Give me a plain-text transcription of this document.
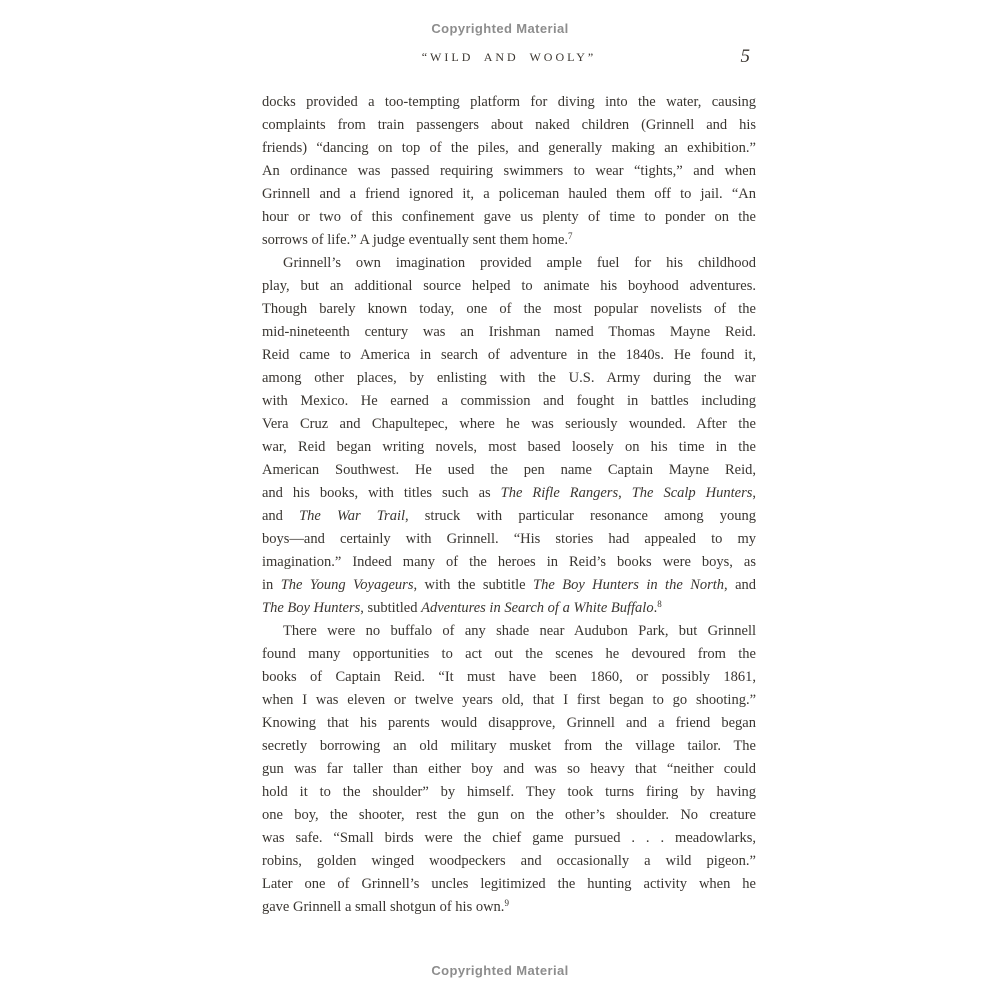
Copyrighted Material
“WILD AND WOOLY”	5
docks provided a too-tempting platform for diving into the water, causing
complaints from train passengers about naked children (Grinnell and his
friends) “dancing on top of the piles, and generally making an exhibition.”
An ordinance was passed requiring swimmers to wear “tights,” and when
Grinnell and a friend ignored it, a policeman hauled them off to jail. “An
hour or two of this confinement gave us plenty of time to ponder on the
sorrows of life.” A judge eventually sent them home.$^7$
Grinnell’s own imagination provided ample fuel for his childhood
play, but an additional source helped to animate his boyhood adventures.
Though barely known today, one of the most popular novelists of the
mid-nineteenth century was an Irishman named Thomas Mayne Reid.
Reid came to America in search of adventure in the 1840s. He found it,
among other places, by enlisting with the U.S. Army during the war
with Mexico. He earned a commission and fought in battles including
Vera Cruz and Chapultepec, where he was seriously wounded. After the
war, Reid began writing novels, most based loosely on his time in the
American Southwest. He used the pen name Captain Mayne Reid,
and his books, with titles such as The Rifle Rangers, The Scalp Hunters,
and The War Trail, struck with particular resonance among young
boys—and certainly with Grinnell. “His stories had appealed to my
imagination.” Indeed many of the heroes in Reid’s books were boys, as
in The Young Voyageurs, with the subtitle The Boy Hunters in the North, and
The Boy Hunters, subtitled Adventures in Search of a White Buffalo.$^8$
There were no buffalo of any shade near Audubon Park, but Grinnell
found many opportunities to act out the scenes he devoured from the
books of Captain Reid. “It must have been 1860, or possibly 1861,
when I was eleven or twelve years old, that I first began to go shooting.”
Knowing that his parents would disapprove, Grinnell and a friend began
secretly borrowing an old military musket from the village tailor. The
gun was far taller than either boy and was so heavy that “neither could
hold it to the shoulder” by himself. They took turns firing by having
one boy, the shooter, rest the gun on the other’s shoulder. No creature
was safe. “Small birds were the chief game pursued . . . meadowlarks,
robins, golden winged woodpeckers and occasionally a wild pigeon.”
Later one of Grinnell’s uncles legitimized the hunting activity when he
gave Grinnell a small shotgun of his own.$^9$
Copyrighted Material
